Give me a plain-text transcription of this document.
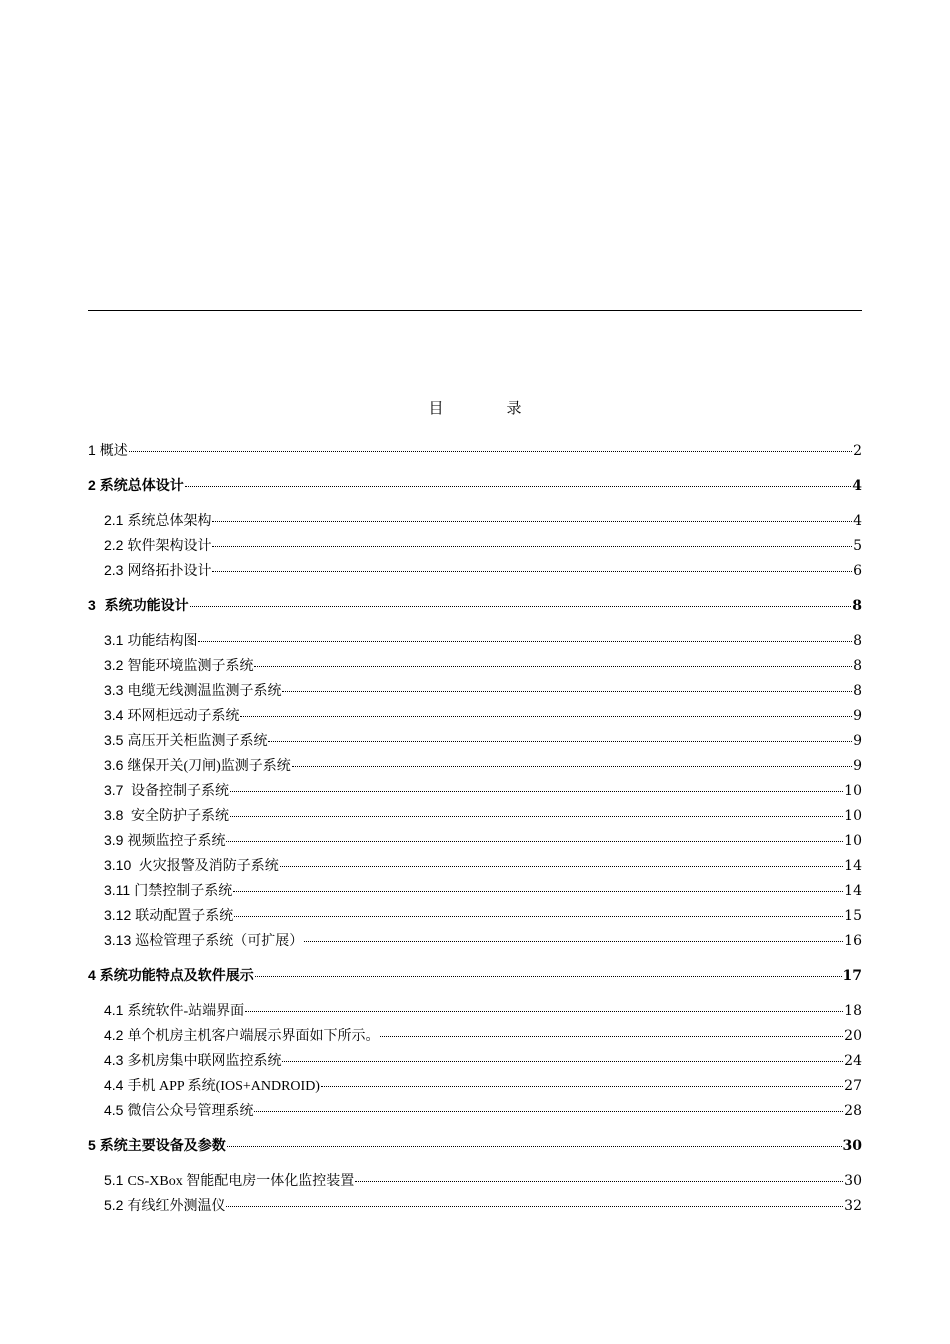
目　录
1 概述	2
2 系统总体设计	4
2.1 系统总体架构	4
2.2 软件架构设计	5
2.3 网络拓扑设计	6
3 系统功能设计	8
3.1 功能结构图	8
3.2 智能环境监测子系统	8
3.3 电缆无线测温监测子系统	8
3.4 环网柜远动子系统	9
3.5 高压开关柜监测子系统	9
3.6 继保开关(刀闸)监测子系统	9
3.7 设备控制子系统	10
3.8 安全防护子系统	10
3.9 视频监控子系统	10
3.10 火灾报警及消防子系统	14
3.11 门禁控制子系统	14
3.12 联动配置子系统	15
3.13 巡检管理子系统（可扩展）	16
4 系统功能特点及软件展示	17
4.1 系统软件-站端界面	18
4.2 单个机房主机客户端展示界面如下所示。	20
4.3 多机房集中联网监控系统	24
4.4 手机 APP 系统(IOS+ANDROID)	27
4.5 微信公众号管理系统	28
5 系统主要设备及参数	30
5.1 CS-XBox 智能配电房一体化监控装置	30
5.2 有线红外测温仪	32
